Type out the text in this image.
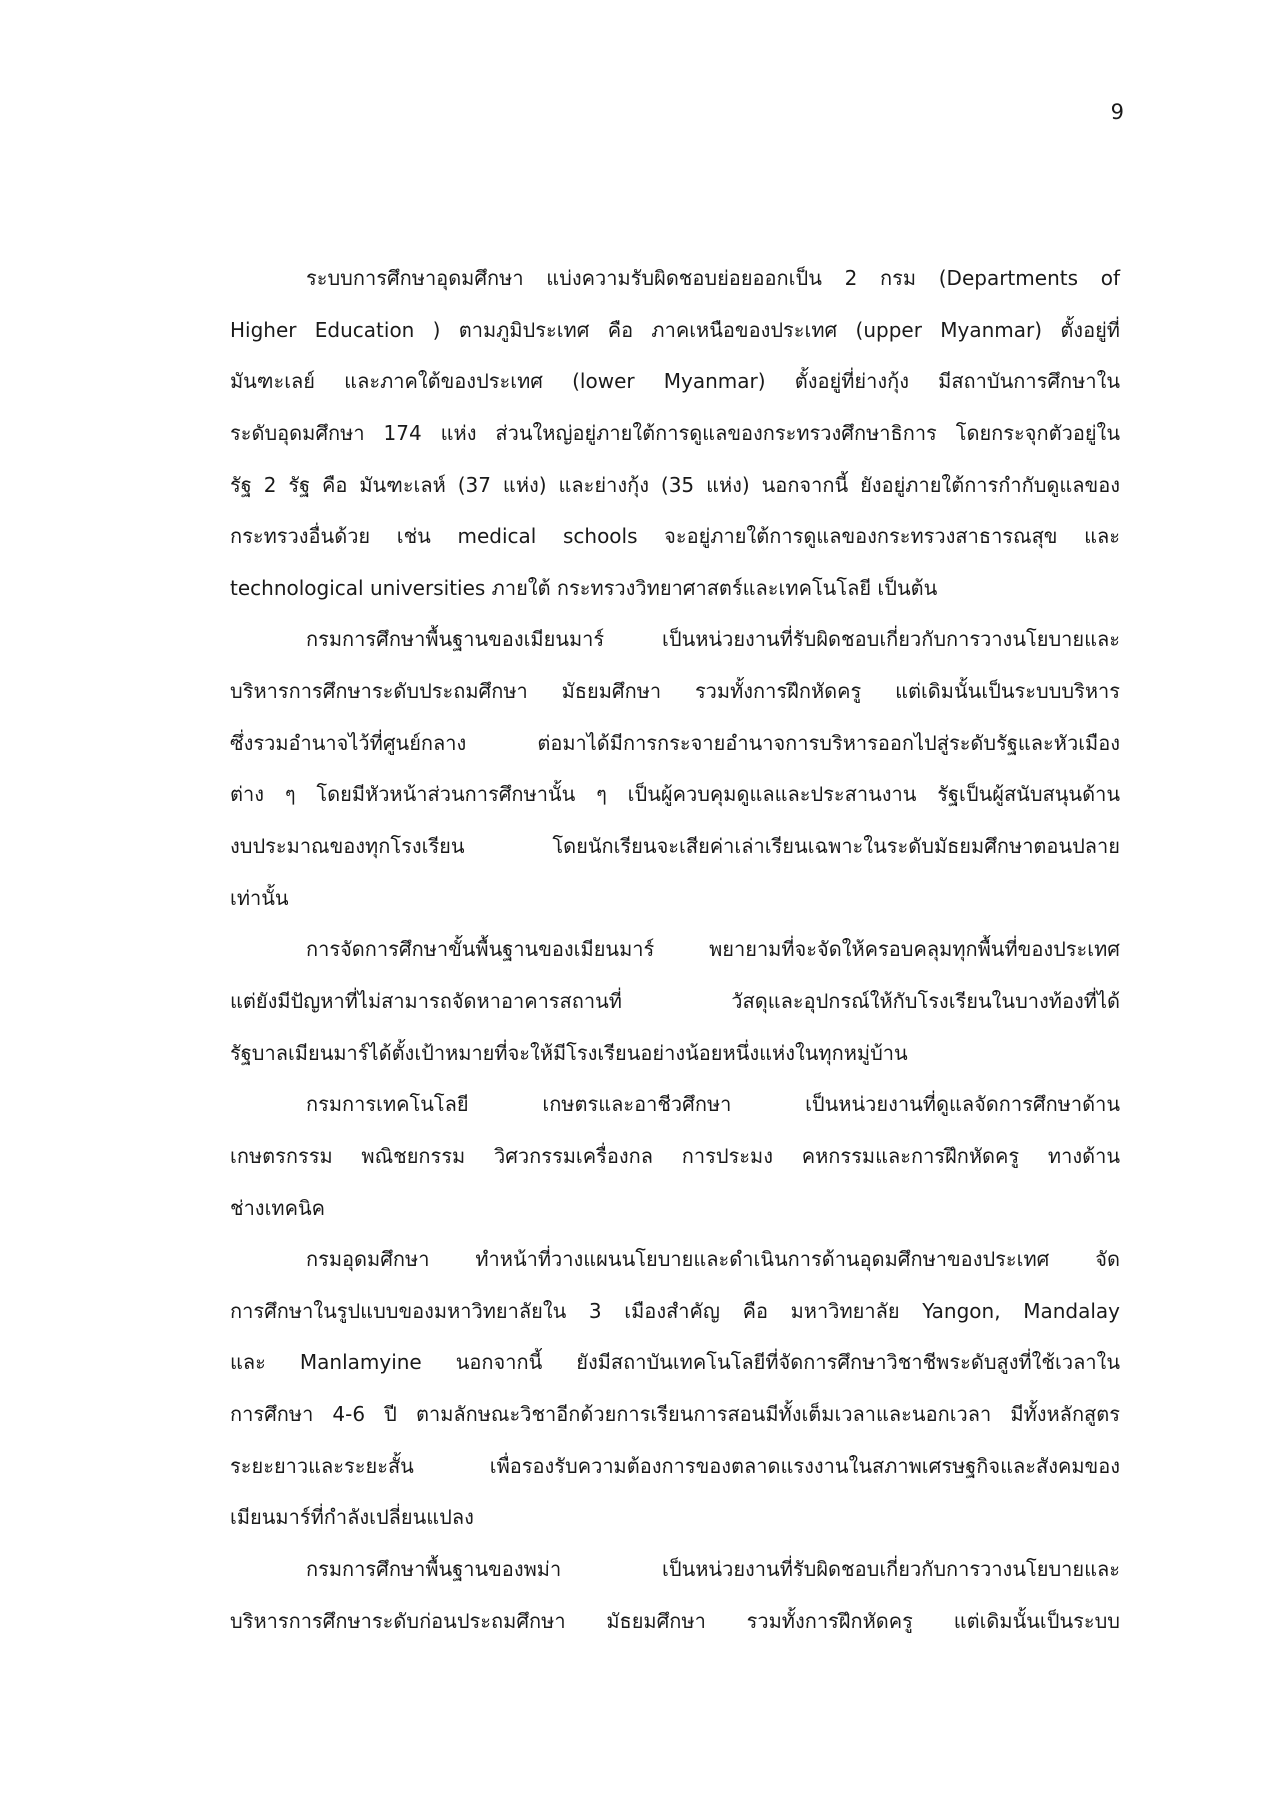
9
ระบบการศึกษาอุดมศึกษา แบ่งความรับผิดชอบย่อยออกเป็น 2 กรม (Departments of
Higher Education ) ตามภูมิประเทศ คือ ภาคเหนือของประเทศ (upper Myanmar) ตั้งอยู่ที่
มันฑะเลย์ และภาคใต้ของประเทศ (lower Myanmar) ตั้งอยู่ที่ย่างกุ้ง มีสถาบันการศึกษาใน
ระดับอุดมศึกษา 174 แห่ง ส่วนใหญ่อยู่ภายใต้การดูแลของกระทรวงศึกษาธิการ โดยกระจุกตัวอยู่ใน
รัฐ 2 รัฐ คือ มันฑะเลห์ (37 แห่ง) และย่างกุ้ง (35 แห่ง) นอกจากนี้ ยังอยู่ภายใต้การกำกับดูแลของ
กระทรวงอื่นด้วย เช่น medical schools จะอยู่ภายใต้การดูแลของกระทรวงสาธารณสุข และ
technological universities ภายใต้ กระทรวงวิทยาศาสตร์และเทคโนโลยี เป็นต้น
กรมการศึกษาพื้นฐานของเมียนมาร์ เป็นหน่วยงานที่รับผิดชอบเกี่ยวกับการวางนโยบายและ
บริหารการศึกษาระดับประถมศึกษา มัธยมศึกษา รวมทั้งการฝึกหัดครู แต่เดิมนั้นเป็นระบบบริหาร
ซึ่งรวมอำนาจไว้ที่ศูนย์กลาง ต่อมาได้มีการกระจายอำนาจการบริหารออกไปสู่ระดับรัฐและหัวเมือง
ต่าง ๆ โดยมีหัวหน้าส่วนการศึกษานั้น ๆ เป็นผู้ควบคุมดูแลและประสานงาน รัฐเป็นผู้สนับสนุนด้าน
งบประมาณของทุกโรงเรียน โดยนักเรียนจะเสียค่าเล่าเรียนเฉพาะในระดับมัธยมศึกษาตอนปลาย
เท่านั้น
การจัดการศึกษาขั้นพื้นฐานของเมียนมาร์ พยายามที่จะจัดให้ครอบคลุมทุกพื้นที่ของประเทศ
แต่ยังมีปัญหาที่ไม่สามารถจัดหาอาคารสถานที่ วัสดุและอุปกรณ์ให้กับโรงเรียนในบางท้องที่ได้
รัฐบาลเมียนมาร์ได้ตั้งเป้าหมายที่จะให้มีโรงเรียนอย่างน้อยหนึ่งแห่งในทุกหมู่บ้าน
กรมการเทคโนโลยี เกษตรและอาชีวศึกษา เป็นหน่วยงานที่ดูแลจัดการศึกษาด้าน
เกษตรกรรม พณิชยกรรม วิศวกรรมเครื่องกล การประมง คหกรรมและการฝึกหัดครู ทางด้าน
ช่างเทคนิค
กรมอุดมศึกษา ทำหน้าที่วางแผนนโยบายและดำเนินการด้านอุดมศึกษาของประเทศ จัด
การศึกษาในรูปแบบของมหาวิทยาลัยใน 3 เมืองสำคัญ คือ มหาวิทยาลัย Yangon, Mandalay
และ Manlamyine นอกจากนี้ ยังมีสถาบันเทคโนโลยีที่จัดการศึกษาวิชาชีพระดับสูงที่ใช้เวลาใน
การศึกษา 4-6 ปี ตามลักษณะวิชาอีกด้วยการเรียนการสอนมีทั้งเต็มเวลาและนอกเวลา มีทั้งหลักสูตร
ระยะยาวและระยะสั้น เพื่อรองรับความต้องการของตลาดแรงงานในสภาพเศรษฐกิจและสังคมของ
เมียนมาร์ที่กำลังเปลี่ยนแปลง
กรมการศึกษาพื้นฐานของพม่า เป็นหน่วยงานที่รับผิดชอบเกี่ยวกับการวางนโยบายและ
บริหารการศึกษาระดับก่อนประถมศึกษา มัธยมศึกษา รวมทั้งการฝึกหัดครู แต่เดิมนั้นเป็นระบบ
